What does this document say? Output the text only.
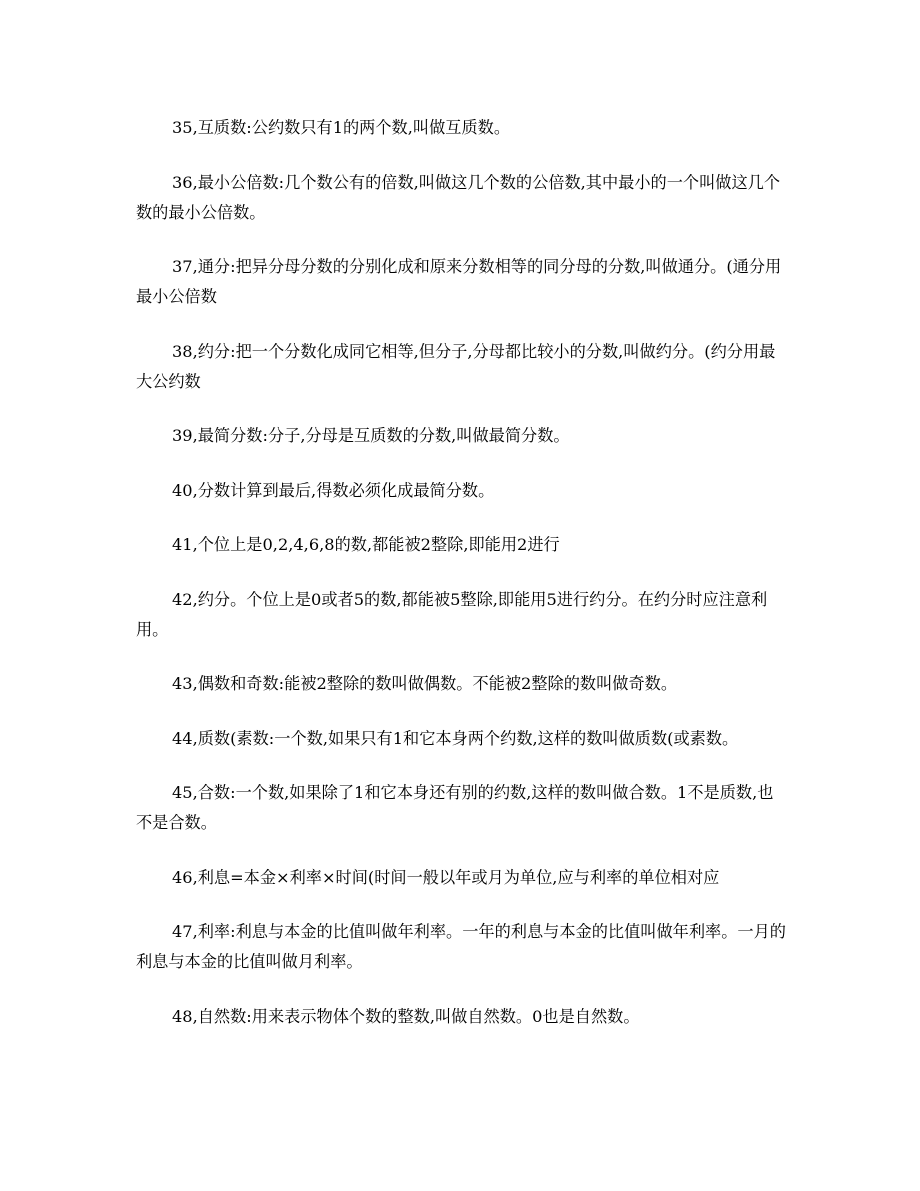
35,互质数:公约数只有1的两个数,叫做互质数。

36,最小公倍数:几个数公有的倍数,叫做这几个数的公倍数,其中最小的一个叫做这几个数的最小公倍数。

37,通分:把异分母分数的分别化成和原来分数相等的同分母的分数,叫做通分。(通分用最小公倍数

38,约分:把一个分数化成同它相等,但分子,分母都比较小的分数,叫做约分。(约分用最大公约数

39,最简分数:分子,分母是互质数的分数,叫做最简分数。

40,分数计算到最后,得数必须化成最简分数。

41,个位上是0,2,4,6,8的数,都能被2整除,即能用2进行

42,约分。个位上是0或者5的数,都能被5整除,即能用5进行约分。在约分时应注意利用。

43,偶数和奇数:能被2整除的数叫做偶数。不能被2整除的数叫做奇数。

44,质数(素数:一个数,如果只有1和它本身两个约数,这样的数叫做质数(或素数。

45,合数:一个数,如果除了1和它本身还有别的约数,这样的数叫做合数。1不是质数,也不是合数。

46,利息=本金×利率×时间(时间一般以年或月为单位,应与利率的单位相对应

47,利率:利息与本金的比值叫做年利率。一年的利息与本金的比值叫做年利率。一月的利息与本金的比值叫做月利率。

48,自然数:用来表示物体个数的整数,叫做自然数。0也是自然数。
